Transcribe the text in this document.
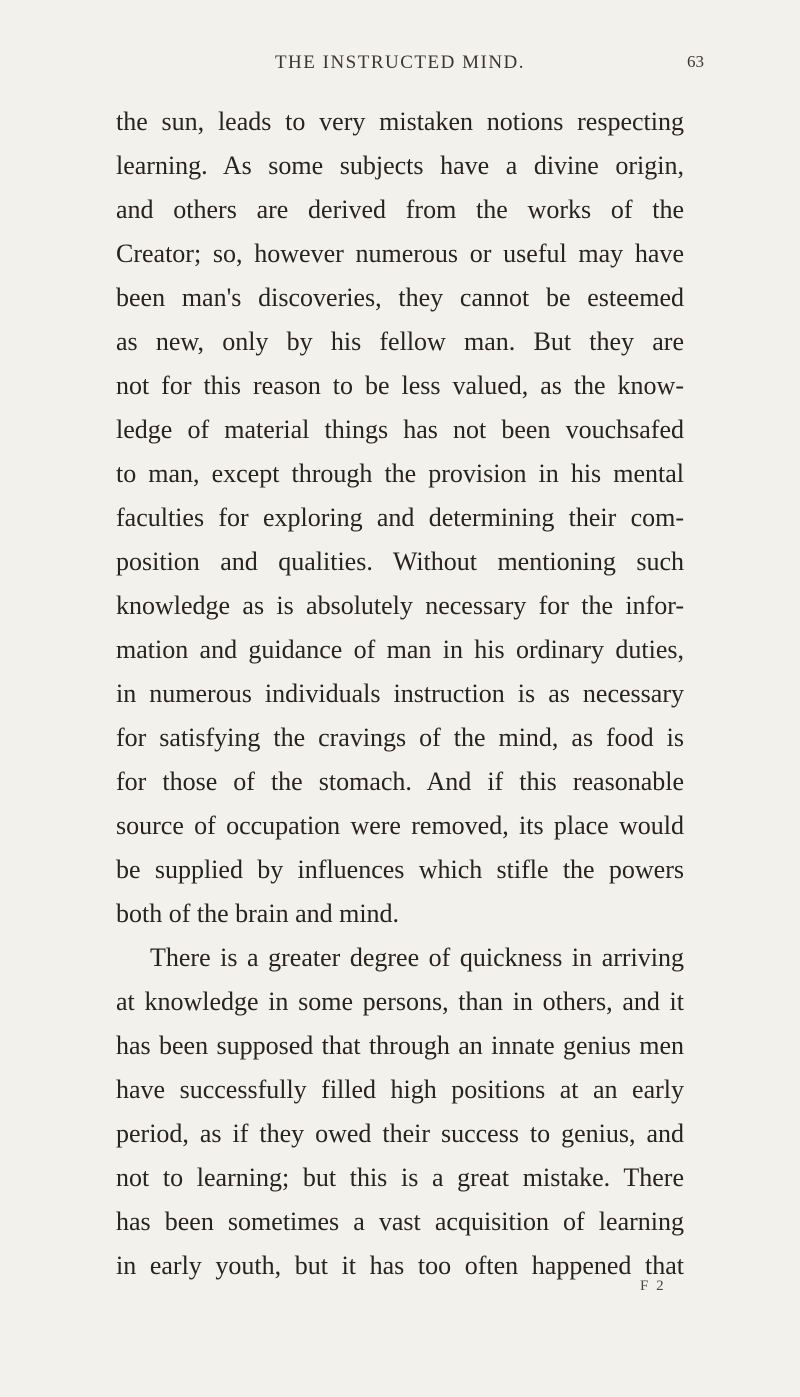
THE INSTRUCTED MIND.	63
the sun, leads to very mistaken notions respecting
learning. As some subjects have a divine origin,
and others are derived from the works of the
Creator; so, however numerous or useful may have
been man's discoveries, they cannot be esteemed
as new, only by his fellow man. But they are
not for this reason to be less valued, as the know-
ledge of material things has not been vouchsafed
to man, except through the provision in his mental
faculties for exploring and determining their com-
position and qualities. Without mentioning such
knowledge as is absolutely necessary for the infor-
mation and guidance of man in his ordinary duties,
in numerous individuals instruction is as necessary
for satisfying the cravings of the mind, as food is
for those of the stomach. And if this reasonable
source of occupation were removed, its place would
be supplied by influences which stifle the powers
both of the brain and mind.
There is a greater degree of quickness in arriving
at knowledge in some persons, than in others, and it
has been supposed that through an innate genius men
have successfully filled high positions at an early
period, as if they owed their success to genius, and
not to learning; but this is a great mistake. There
has been sometimes a vast acquisition of learning
in early youth, but it has too often happened that
F 2
